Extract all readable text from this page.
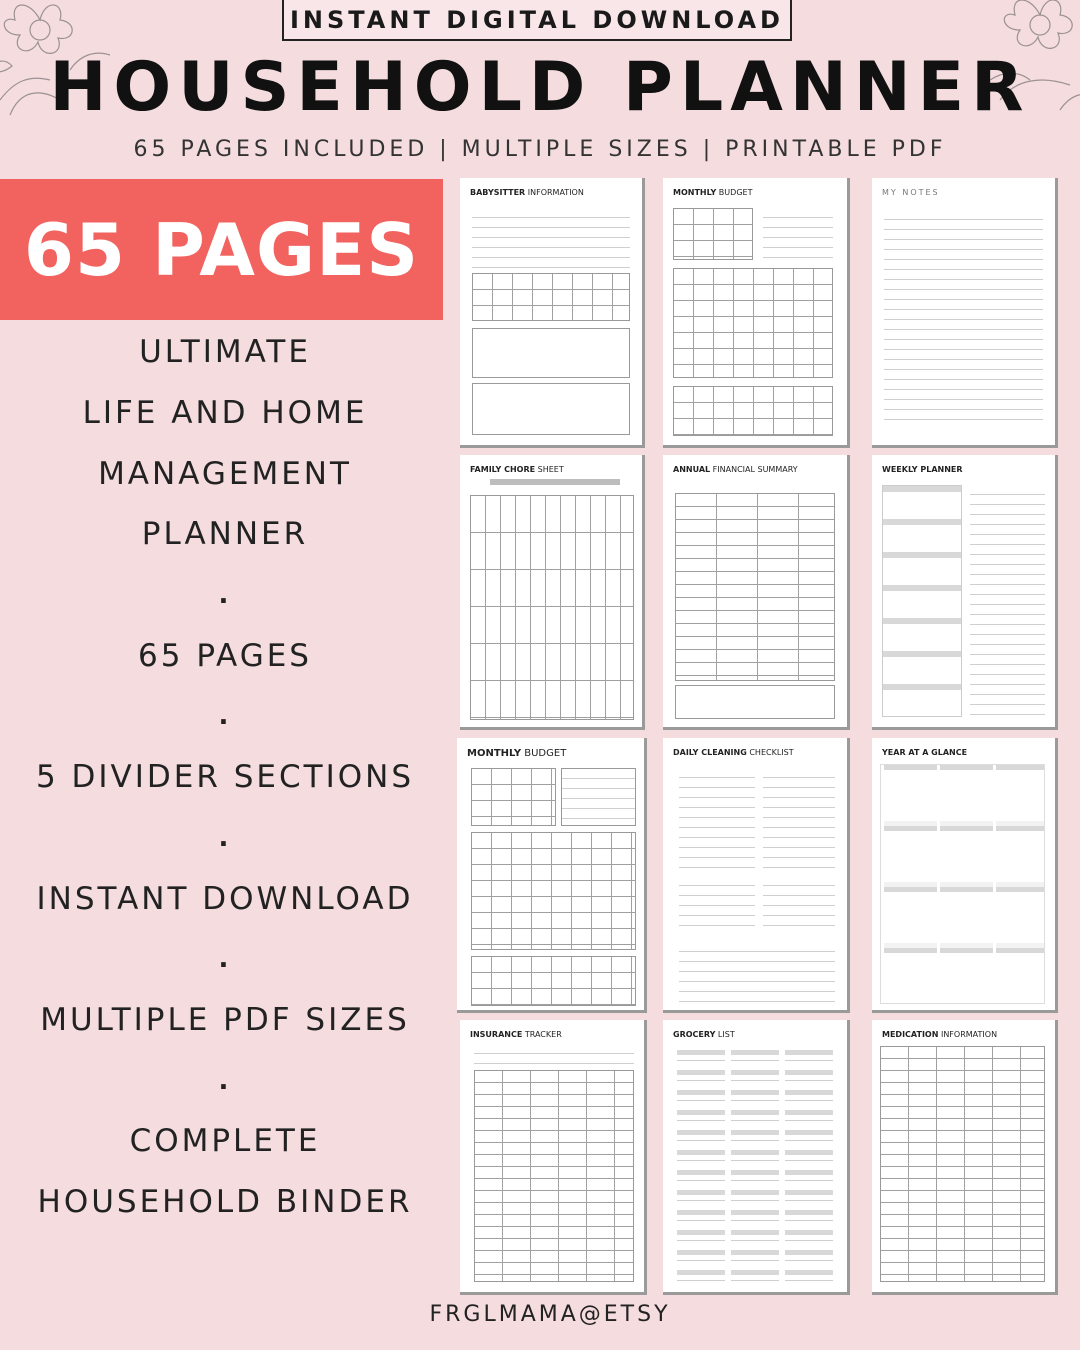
INSTANT DIGITAL DOWNLOAD
HOUSEHOLD PLANNER
65 PAGES INCLUDED | MULTIPLE SIZES | PRINTABLE PDF
65 PAGES
ULTIMATE
LIFE AND HOME
MANAGEMENT
PLANNER
.
65 PAGES
.
5 DIVIDER SECTIONS
.
INSTANT DOWNLOAD
.
MULTIPLE PDF SIZES
.
COMPLETE
HOUSEHOLD BINDER
BABYSITTER INFORMATION	MONTHLY BUDGET	MY NOTES
FAMILY CHORE SHEET	ANNUAL FINANCIAL SUMMARY	WEEKLY PLANNER
MONTHLY BUDGET	DAILY CLEANING CHECKLIST	YEAR AT A GLANCE
INSURANCE TRACKER	GROCERY LIST	MEDICATION INFORMATION
FRGLMAMA@ETSY
